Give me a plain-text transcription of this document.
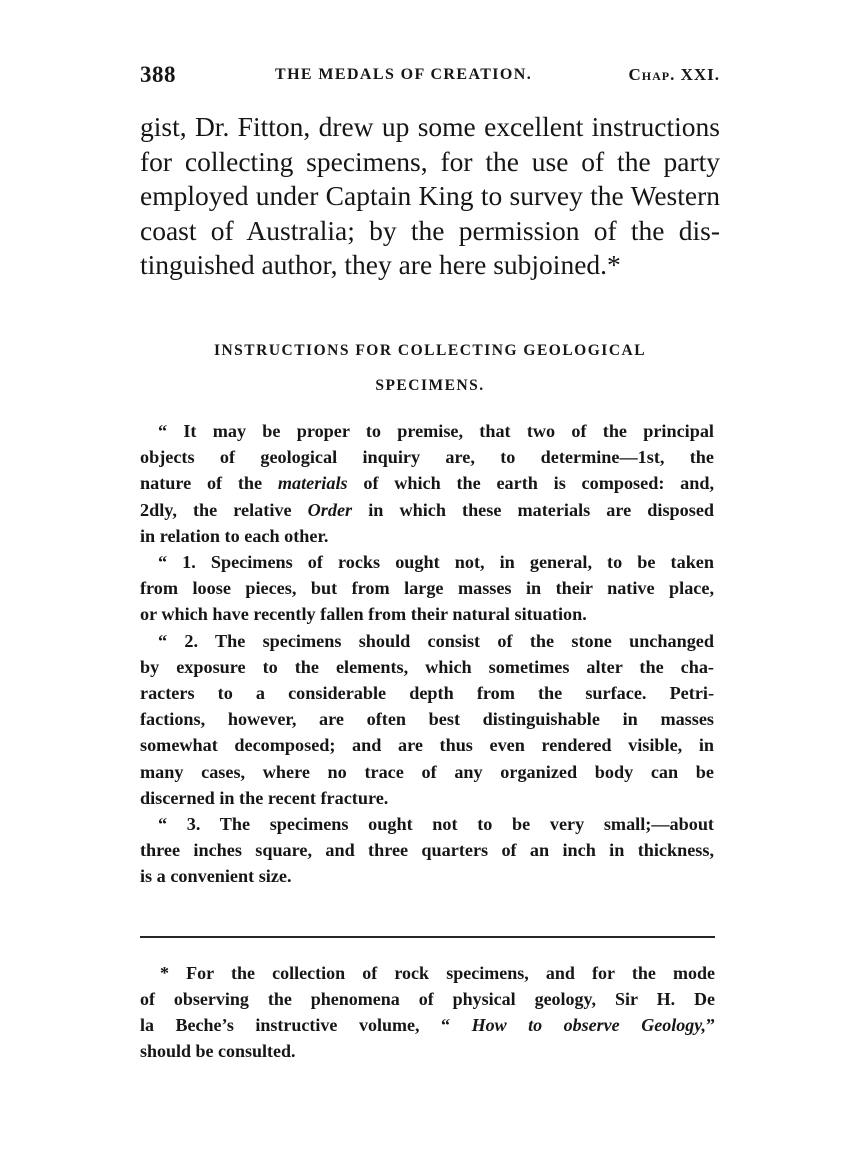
388	THE MEDALS OF CREATION.	Chap. XXI.
gist, Dr. Fitton, drew up some excellent instructions
for collecting specimens, for the use of the party
employed under Captain King to survey the Western
coast of Australia; by the permission of the dis-
tinguished author, they are here subjoined.*
INSTRUCTIONS FOR COLLECTING GEOLOGICAL
SPECIMENS.
“ It may be proper to premise, that two of the principal
objects of geological inquiry are, to determine—1st, the
nature of the materials of which the earth is composed: and,
2dly, the relative Order in which these materials are disposed
in relation to each other.
“ 1. Specimens of rocks ought not, in general, to be taken
from loose pieces, but from large masses in their native place,
or which have recently fallen from their natural situation.
“ 2. The specimens should consist of the stone unchanged
by exposure to the elements, which sometimes alter the cha-
racters to a considerable depth from the surface. Petri-
factions, however, are often best distinguishable in masses
somewhat decomposed; and are thus even rendered visible, in
many cases, where no trace of any organized body can be
discerned in the recent fracture.
“ 3. The specimens ought not to be very small;—about
three inches square, and three quarters of an inch in thickness,
is a convenient size.
* For the collection of rock specimens, and for the mode
of observing the phenomena of physical geology, Sir H. De
la Beche’s instructive volume, “ How to observe Geology,”
should be consulted.
